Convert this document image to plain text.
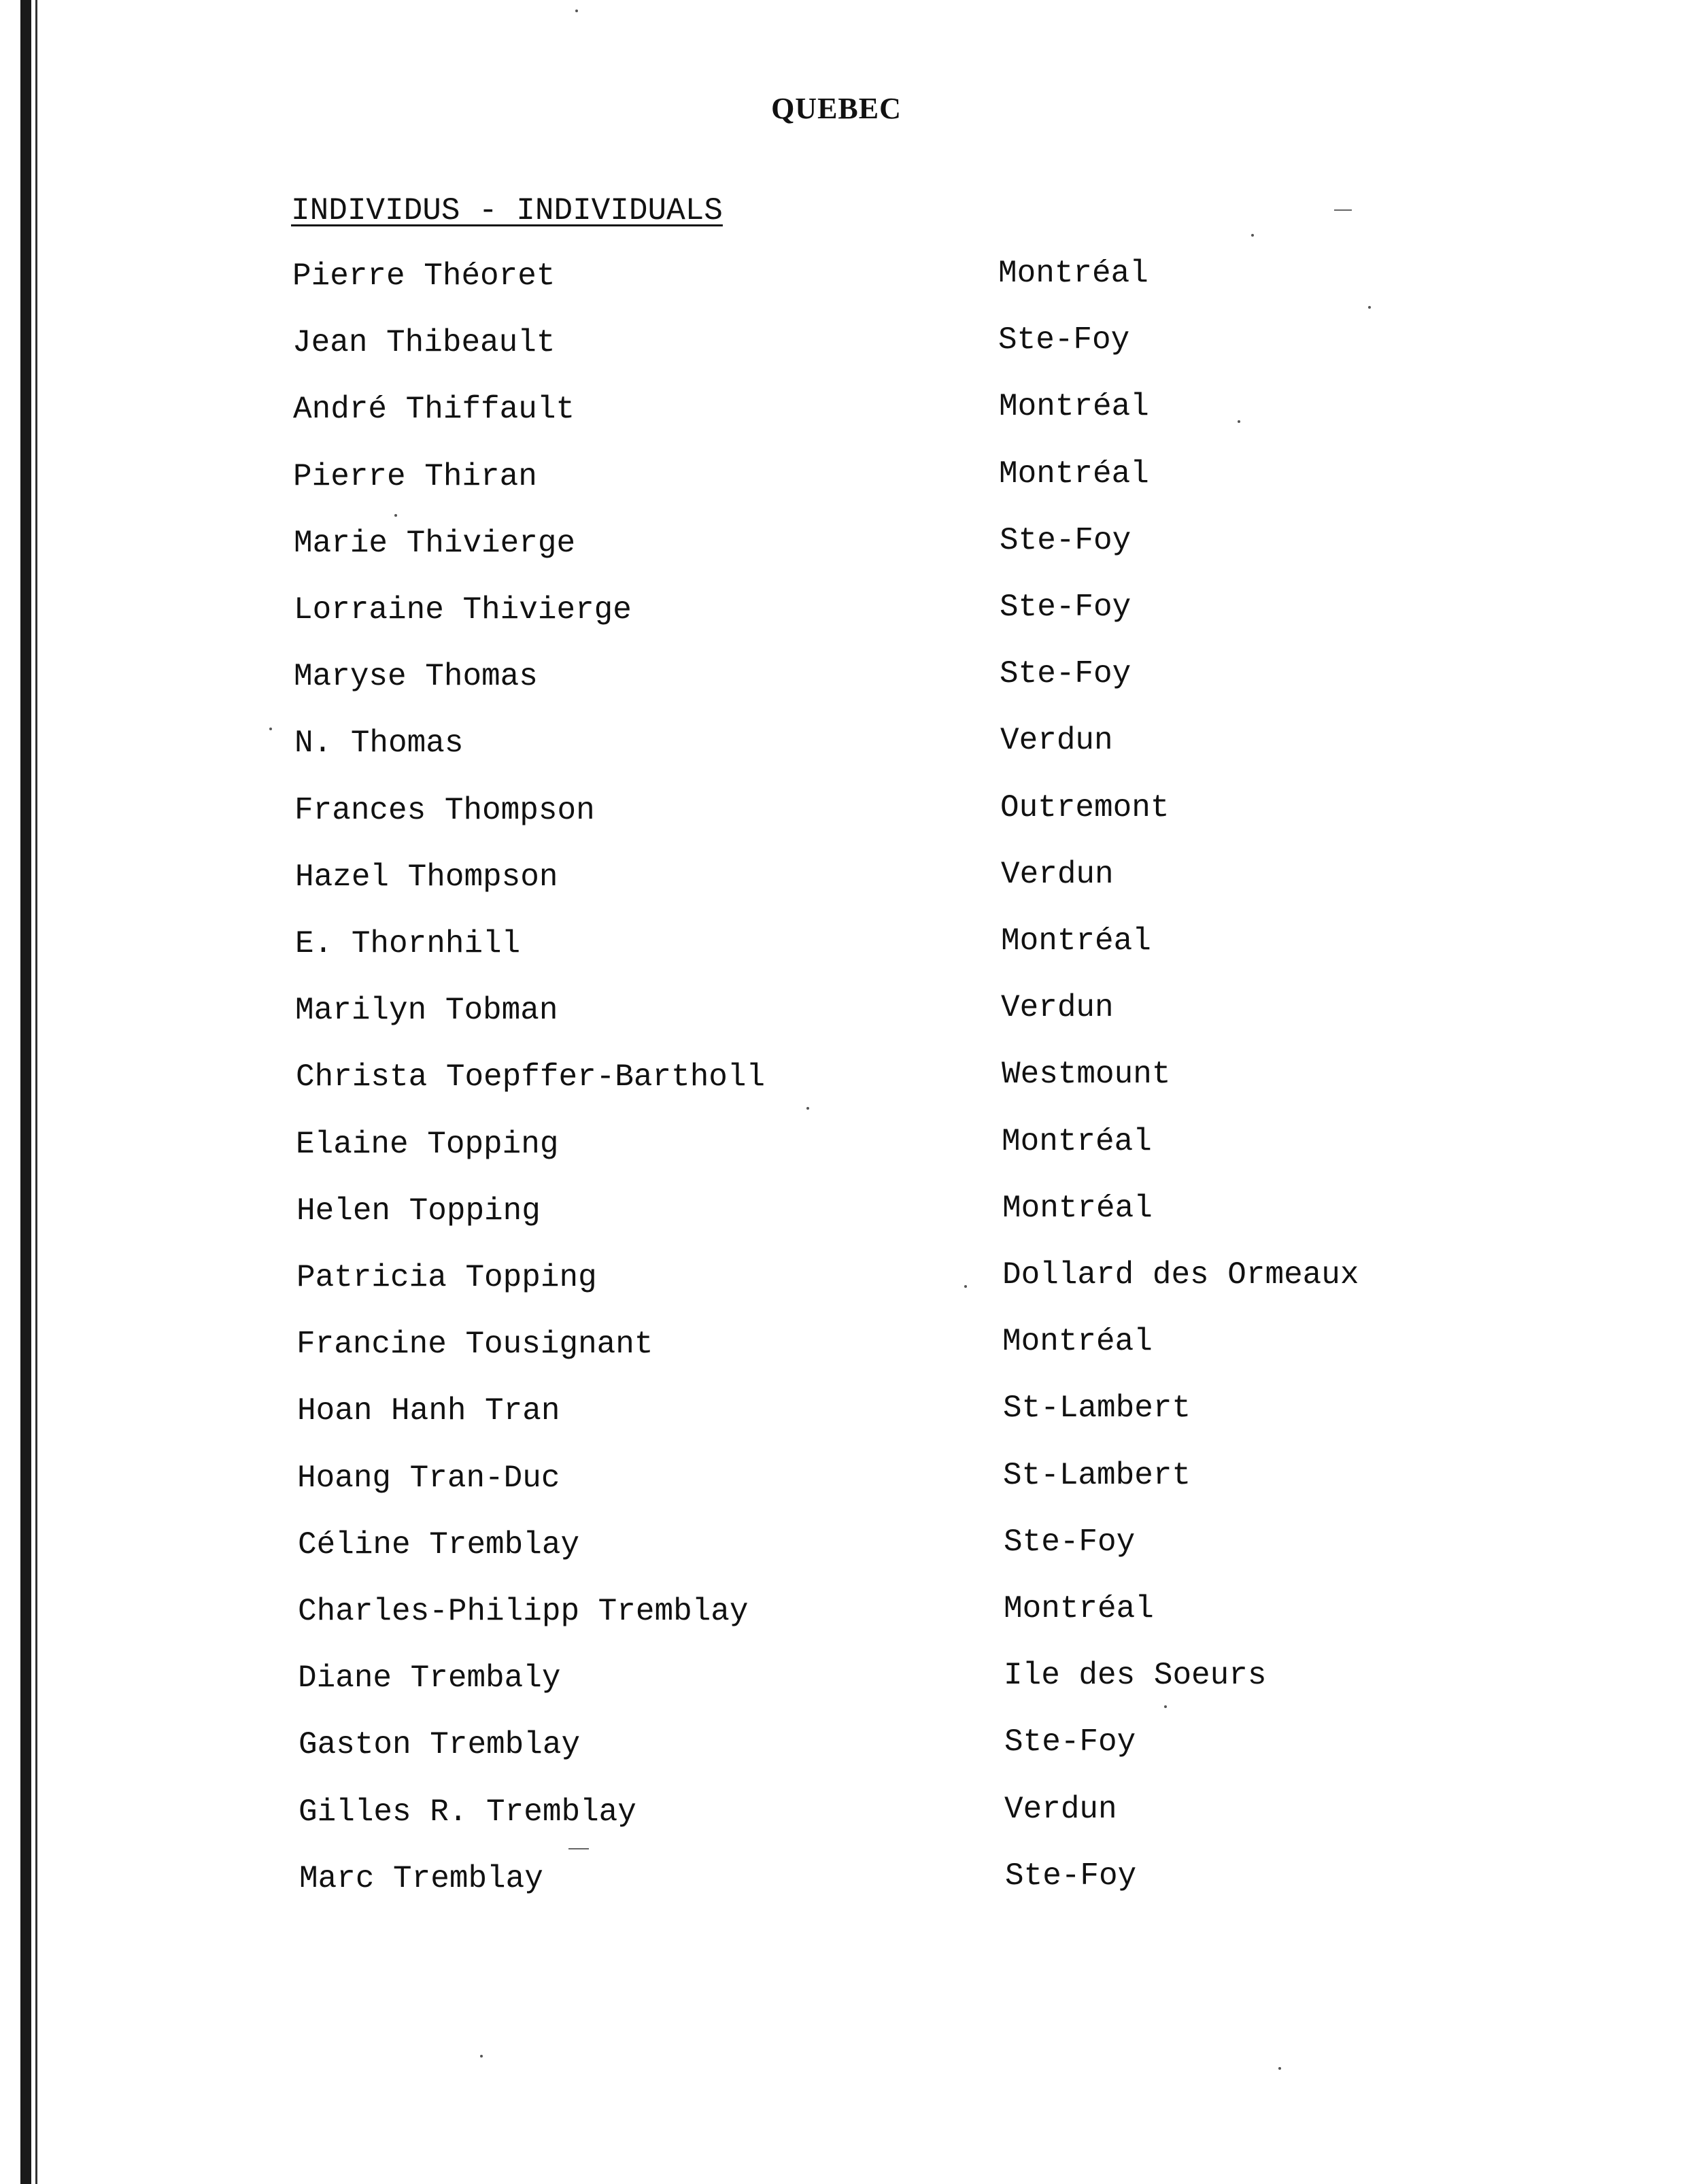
QUEBEC
INDIVIDUS - INDIVIDUALS
Pierre Théoret	Montréal
Jean Thibeault	Ste-Foy
André Thiffault	Montréal
Pierre Thiran	Montréal
Marie Thivierge	Ste-Foy
Lorraine Thivierge	Ste-Foy
Maryse Thomas	Ste-Foy
N. Thomas	Verdun
Frances Thompson	Outremont
Hazel Thompson	Verdun
E. Thornhill	Montréal
Marilyn Tobman	Verdun
Christa Toepffer-Bartholl	Westmount
Elaine Topping	Montréal
Helen Topping	Montréal
Patricia Topping	Dollard des Ormeaux
Francine Tousignant	Montréal
Hoan Hanh Tran	St-Lambert
Hoang Tran-Duc	St-Lambert
Céline Tremblay	Ste-Foy
Charles-Philipp Tremblay	Montréal
Diane Trembaly	Ile des Soeurs
Gaston Tremblay	Ste-Foy
Gilles R. Tremblay	Verdun
Marc Tremblay	Ste-Foy
